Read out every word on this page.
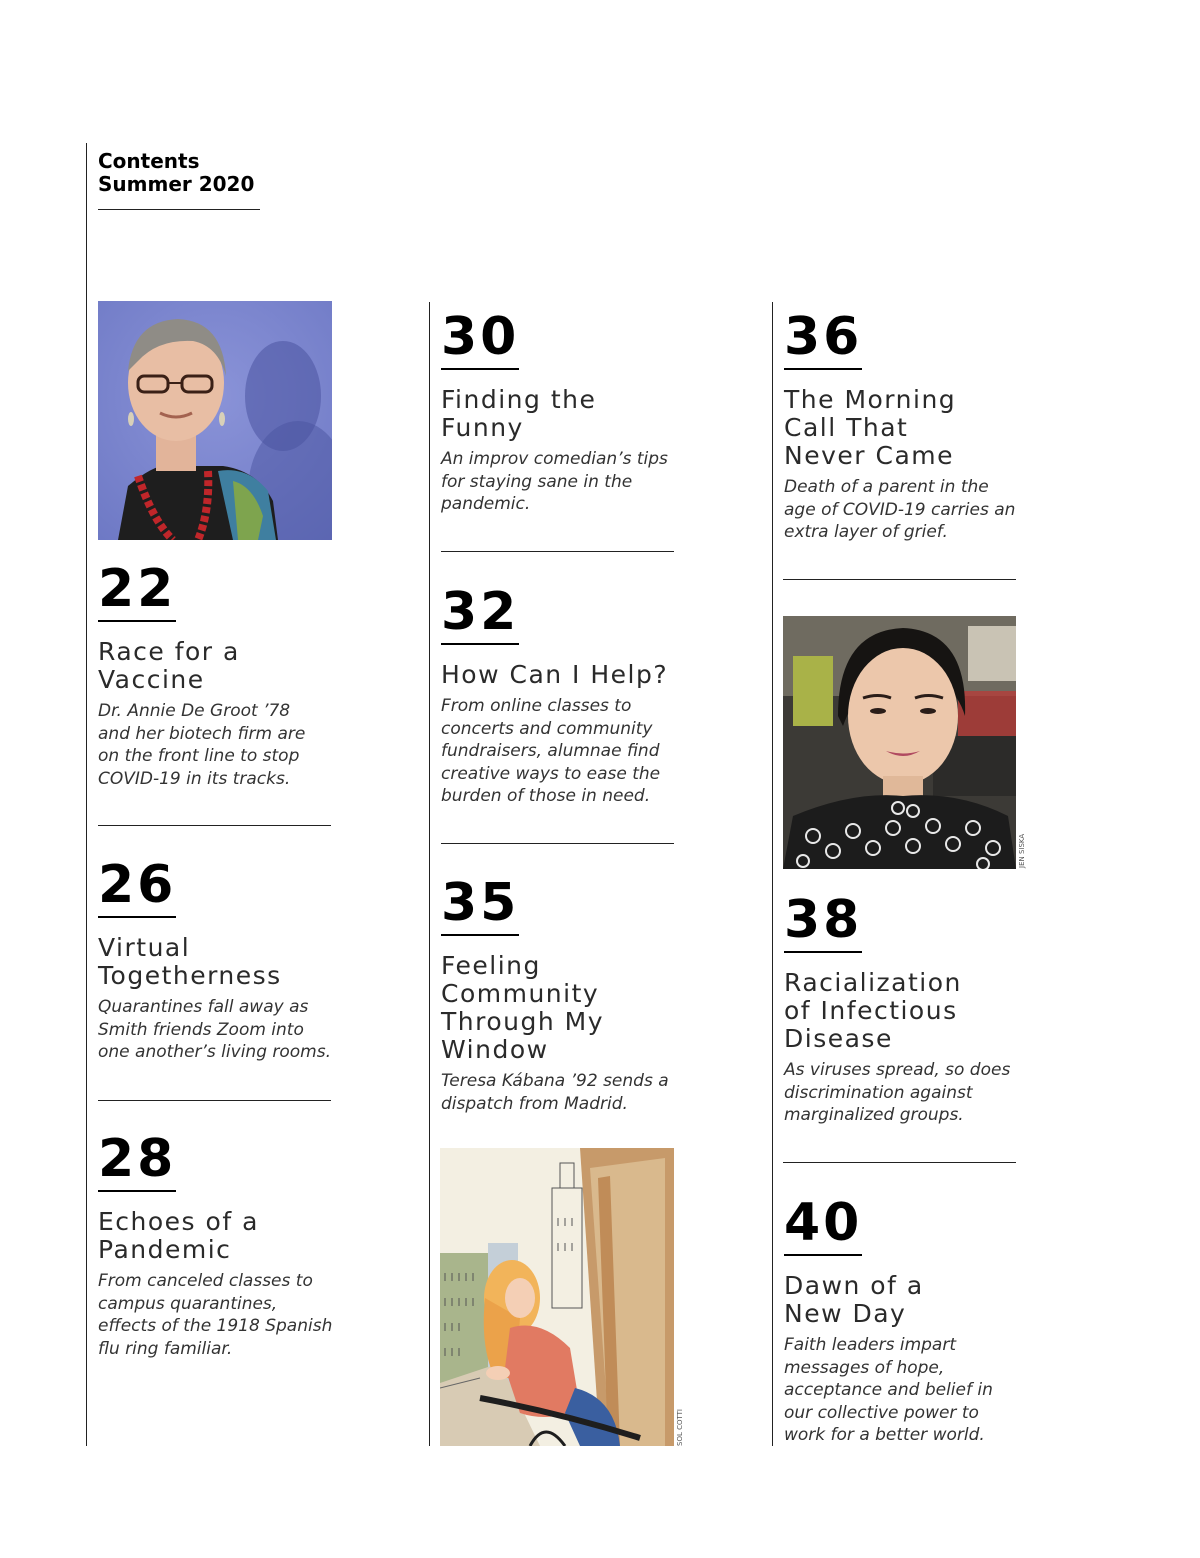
Contents
Summer 2020
22
Race for a Vaccine
Dr. Annie De Groot ’78 and her biotech firm are on the front line to stop COVID-19 in its tracks.
26
Virtual Togetherness
Quarantines fall away as Smith friends Zoom into one another’s living rooms.
28
Echoes of a Pandemic
From canceled classes to campus quarantines, effects of the 1918 Spanish flu ring familiar.
30
Finding the Funny
An improv comedian’s tips for staying sane in the pandemic.
32
How Can I Help?
From online classes to concerts and community fundraisers, alumnae find creative ways to ease the burden of those in need.
35
Feeling Community Through My Window
Teresa Kábana ’92 sends a dispatch from Madrid.
SOL COTTI
36
The Morning Call That Never Came
Death of a parent in the age of COVID-19 carries an extra layer of grief.
JEN SISKA
38
Racialization of Infectious Disease
As viruses spread, so does discrimination against marginalized groups.
40
Dawn of a New Day
Faith leaders impart messages of hope, acceptance and belief in our collective power to work for a better world.
